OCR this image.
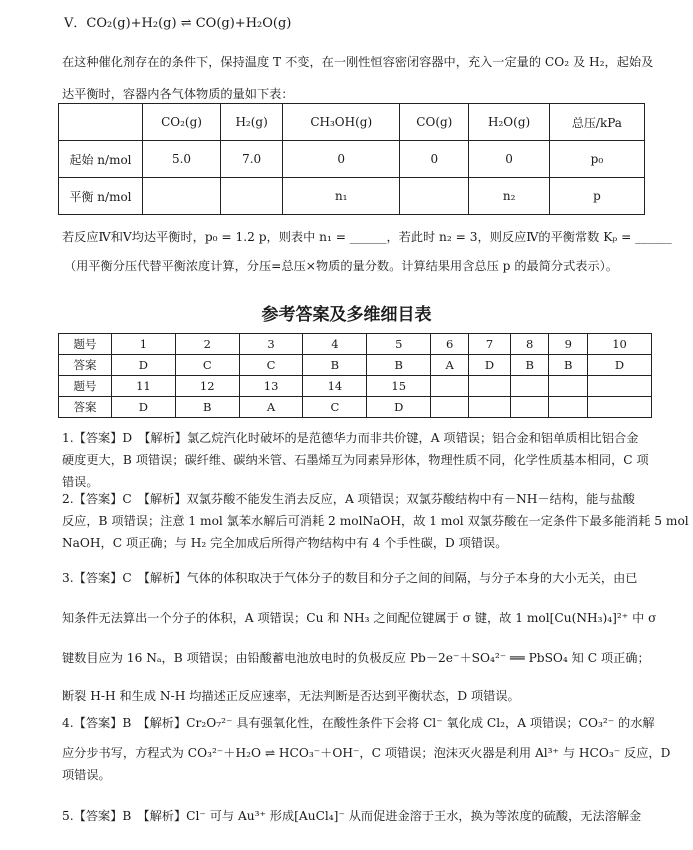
V．CO₂(g)+H₂(g) ⇌ CO(g)+H₂O(g)
在这种催化剂存在的条件下，保持温度 T 不变，在一刚性恒容密闭容器中，充入一定量的 CO₂ 及 H₂，起始及
达平衡时，容器内各气体物质的量如下表：
	CO₂(g)	H₂(g)	CH₃OH(g)	CO(g)	H₂O(g)	总压/kPa
起始 n/mol	5.0	7.0	0	0	0	p₀
平衡 n/mol			n₁		n₂	p
若反应Ⅳ和Ⅴ均达平衡时，p₀ = 1.2 p，则表中 n₁ = ______，若此时 n₂ = 3，则反应Ⅳ的平衡常数 Kₚ = ______
（用平衡分压代替平衡浓度计算，分压=总压×物质的量分数。计算结果用含总压 p 的最简分式表示）。
参考答案及多维细目表
题号	1	2	3	4	5	6	7	8	9	10
答案	D	C	C	B	B	A	D	B	B	D
题号	11	12	13	14	15					
答案	D	B	A	C	D					
1.【答案】D　【解析】氯乙烷汽化时破坏的是范德华力而非共价键，A 项错误；铝合金和铝单质相比铝合金
硬度更大，B 项错误；碳纤维、碳纳米管、石墨烯互为同素异形体，物理性质不同，化学性质基本相同，C 项
错误。
2.【答案】C　【解析】双氯芬酸不能发生消去反应，A 项错误；双氯芬酸结构中有－NH－结构，能与盐酸
反应，B 项错误；注意 1 mol 氯苯水解后可消耗 2 molNaOH，故 1 mol 双氯芬酸在一定条件下最多能消耗 5 mol
NaOH，C 项正确；与 H₂ 完全加成后所得产物结构中有 4 个手性碳，D 项错误。
3.【答案】C　【解析】气体的体积取决于气体分子的数目和分子之间的间隔，与分子本身的大小无关，由已
知条件无法算出一个分子的体积，A 项错误；Cu 和 NH₃ 之间配位键属于 σ 键，故 1 mol[Cu(NH₃)₄]²⁺ 中 σ
键数目应为 16 Nₐ，B 项错误；由铅酸蓄电池放电时的负极反应 Pb－2e⁻＋SO₄²⁻ ══ PbSO₄ 知 C 项正确；
断裂 H-H 和生成 N-H 均描述正反应速率，无法判断是否达到平衡状态，D 项错误。
4.【答案】B　【解析】Cr₂O₇²⁻ 具有强氧化性，在酸性条件下会将 Cl⁻ 氧化成 Cl₂，A 项错误；CO₃²⁻ 的水解
应分步书写，方程式为 CO₃²⁻＋H₂O ⇌ HCO₃⁻＋OH⁻，C 项错误；泡沫灭火器是利用 Al³⁺ 与 HCO₃⁻ 反应，D
项错误。
5.【答案】B　【解析】Cl⁻ 可与 Au³⁺ 形成[AuCl₄]⁻ 从而促进金溶于王水，换为等浓度的硫酸，无法溶解金
